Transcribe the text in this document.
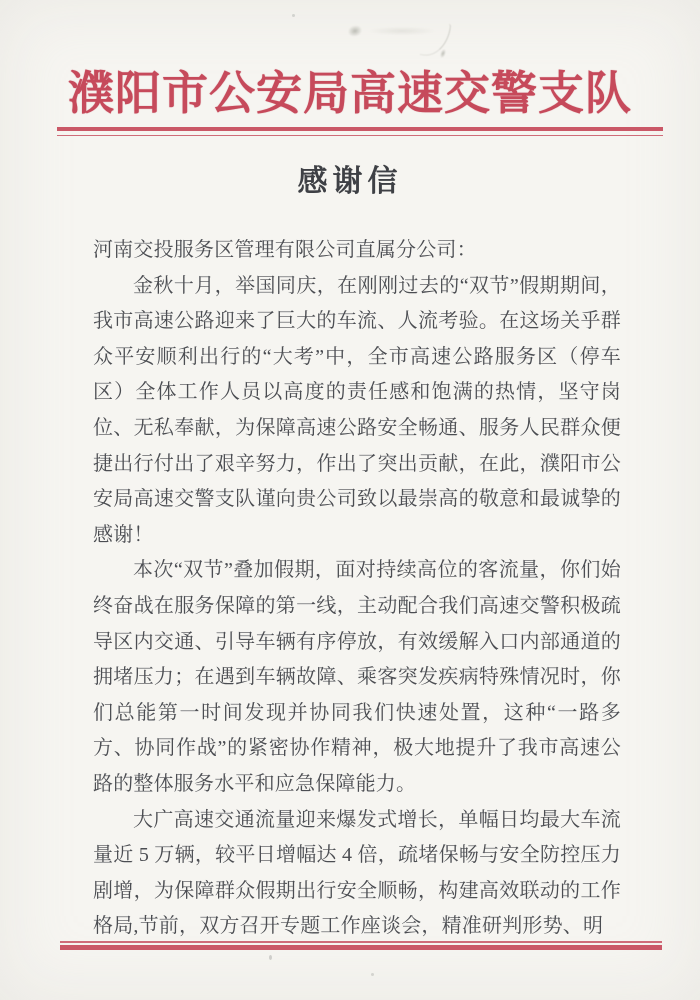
濮阳市公安局高速交警支队
感谢信

河南交投服务区管理有限公司直属分公司：

金秋十月，举国同庆，在刚刚过去的“双节”假期期间，我市高速公路迎来了巨大的车流、人流考验。在这场关乎群众平安顺利出行的“大考”中，全市高速公路服务区（停车区）全体工作人员以高度的责任感和饱满的热情，坚守岗位、无私奉献，为保障高速公路安全畅通、服务人民群众便捷出行付出了艰辛努力，作出了突出贡献，在此，濮阳市公安局高速交警支队谨向贵公司致以最崇高的敬意和最诚挚的感谢！

本次“双节”叠加假期，面对持续高位的客流量，你们始终奋战在服务保障的第一线，主动配合我们高速交警积极疏导区内交通、引导车辆有序停放，有效缓解入口内部通道的拥堵压力；在遇到车辆故障、乘客突发疾病特殊情况时，你们总能第一时间发现并协同我们快速处置，这种“一路多方、协同作战”的紧密协作精神，极大地提升了我市高速公路的整体服务水平和应急保障能力。

大广高速交通流量迎来爆发式增长，单幅日均最大车流量近 5 万辆，较平日增幅达 4 倍，疏堵保畅与安全防控压力剧增，为保障群众假期出行安全顺畅，构建高效联动的工作格局,节前，双方召开专题工作座谈会，精准研判形势、明
